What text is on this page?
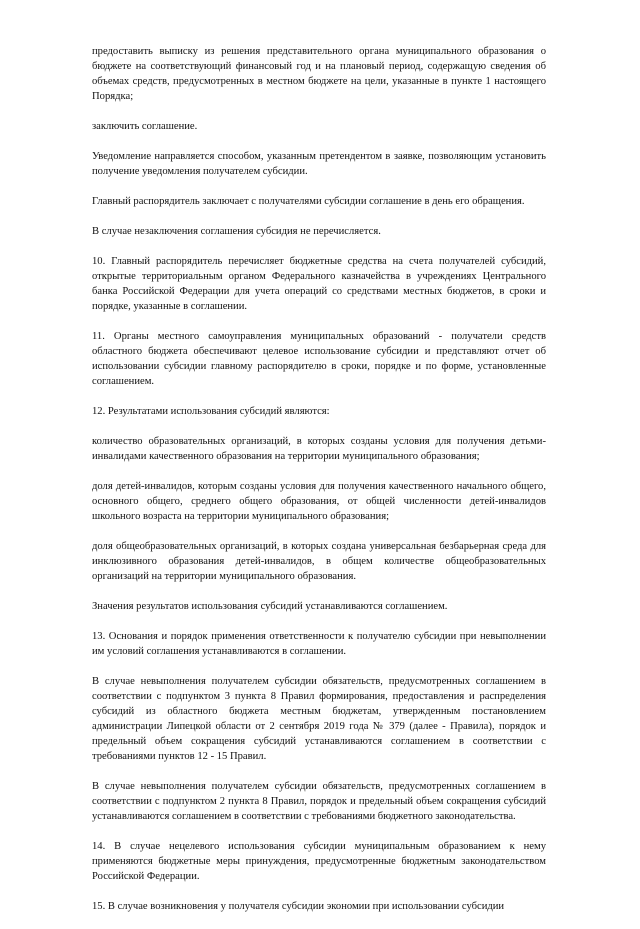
предоставить выписку из решения представительного органа муниципального образования о бюджете на соответствующий финансовый год и на плановый период, содержащую сведения об объемах средств, предусмотренных в местном бюджете на цели, указанные в пункте 1 настоящего Порядка;

заключить соглашение.

Уведомление направляется способом, указанным претендентом в заявке, позволяющим установить получение уведомления получателем субсидии.

Главный распорядитель заключает с получателями субсидии соглашение в день его обращения.

В случае незаключения соглашения субсидия не перечисляется.

10. Главный распорядитель перечисляет бюджетные средства на счета получателей субсидий, открытые территориальным органом Федерального казначейства в учреждениях Центрального банка Российской Федерации для учета операций со средствами местных бюджетов, в сроки и порядке, указанные в соглашении.

11. Органы местного самоуправления муниципальных образований - получатели средств областного бюджета обеспечивают целевое использование субсидии и представляют отчет об использовании субсидии главному распорядителю в сроки, порядке и по форме, установленные соглашением.

12. Результатами использования субсидий являются:

количество образовательных организаций, в которых созданы условия для получения детьми-инвалидами качественного образования на территории муниципального образования;

доля детей-инвалидов, которым созданы условия для получения качественного начального общего, основного общего, среднего общего образования, от общей численности детей-инвалидов школьного возраста на территории муниципального образования;

доля общеобразовательных организаций, в которых создана универсальная безбарьерная среда для инклюзивного образования детей-инвалидов, в общем количестве общеобразовательных организаций на территории муниципального образования.

Значения результатов использования субсидий устанавливаются соглашением.

13. Основания и порядок применения ответственности к получателю субсидии при невыполнении им условий соглашения устанавливаются в соглашении.

В случае невыполнения получателем субсидии обязательств, предусмотренных соглашением в соответствии с подпунктом 3 пункта 8 Правил формирования, предоставления и распределения субсидий из областного бюджета местным бюджетам, утвержденным постановлением администрации Липецкой области от 2 сентября 2019 года № 379 (далее - Правила), порядок и предельный объем сокращения субсидий устанавливаются соглашением в соответствии с требованиями пунктов 12 - 15 Правил.

В случае невыполнения получателем субсидии обязательств, предусмотренных соглашением в соответствии с подпунктом 2 пункта 8 Правил, порядок и предельный объем сокращения субсидий устанавливаются соглашением в соответствии с требованиями бюджетного законодательства.

14. В случае нецелевого использования субсидии муниципальным образованием к нему применяются бюджетные меры принуждения, предусмотренные бюджетным законодательством Российской Федерации.

15. В случае возникновения у получателя субсидии экономии при использовании субсидии
